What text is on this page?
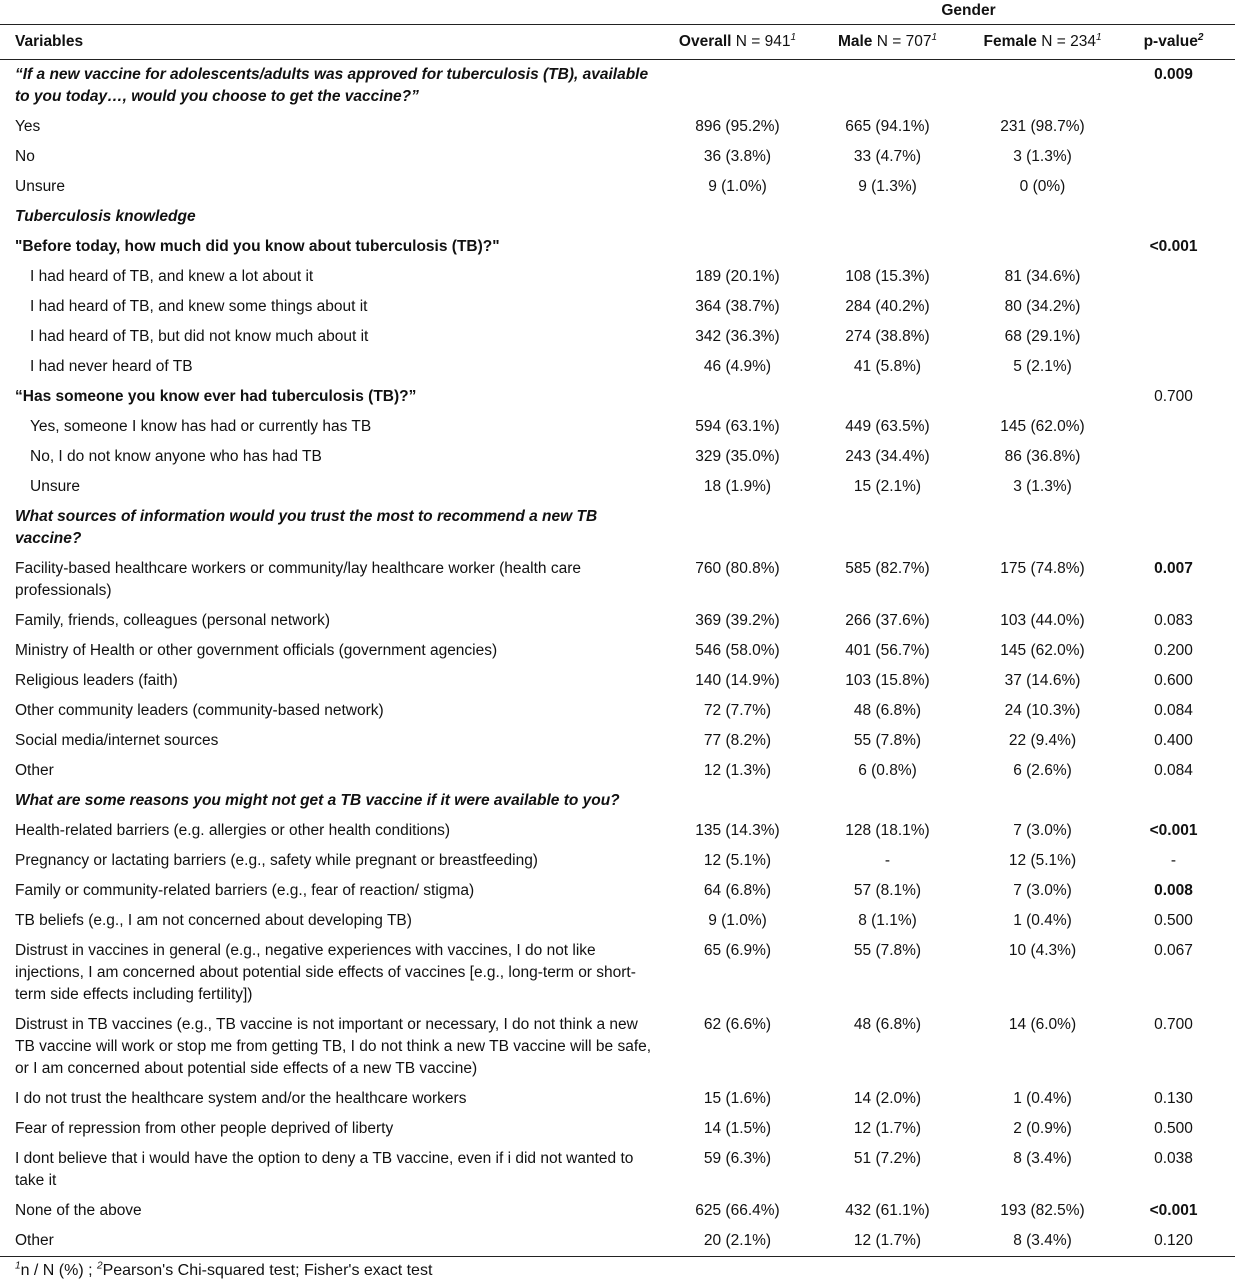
		Gender		
Variables	Overall $N = 941^1$	Male $N = 707^1$	Female $N = 234^1$	p-value$^2$
“If a new vaccine for adolescents/adults was approved for tuberculosis (TB), available to you today…, would you choose to get the vaccine?”				0.009
Yes	896 (95.2%)	665 (94.1%)	231 (98.7%)	
No	36 (3.8%)	33 (4.7%)	3 (1.3%)	
Unsure	9 (1.0%)	9 (1.3%)	0 (0%)	
Tuberculosis knowledge				
"Before today, how much did you know about tuberculosis (TB)?"				<0.001
I had heard of TB, and knew a lot about it	189 (20.1%)	108 (15.3%)	81 (34.6%)	
I had heard of TB, and knew some things about it	364 (38.7%)	284 (40.2%)	80 (34.2%)	
I had heard of TB, but did not know much about it	342 (36.3%)	274 (38.8%)	68 (29.1%)	
I had never heard of TB	46 (4.9%)	41 (5.8%)	5 (2.1%)	
“Has someone you know ever had tuberculosis (TB)?”				0.700
Yes, someone I know has had or currently has TB	594 (63.1%)	449 (63.5%)	145 (62.0%)	
No, I do not know anyone who has had TB	329 (35.0%)	243 (34.4%)	86 (36.8%)	
Unsure	18 (1.9%)	15 (2.1%)	3 (1.3%)	
What sources of information would you trust the most to recommend a new TB vaccine?				
Facility-based healthcare workers or community/lay healthcare worker (health care professionals)	760 (80.8%)	585 (82.7%)	175 (74.8%)	0.007
Family, friends, colleagues (personal network)	369 (39.2%)	266 (37.6%)	103 (44.0%)	0.083
Ministry of Health or other government officials (government agencies)	546 (58.0%)	401 (56.7%)	145 (62.0%)	0.200
Religious leaders (faith)	140 (14.9%)	103 (15.8%)	37 (14.6%)	0.600
Other community leaders (community-based network)	72 (7.7%)	48 (6.8%)	24 (10.3%)	0.084
Social media/internet sources	77 (8.2%)	55 (7.8%)	22 (9.4%)	0.400
Other	12 (1.3%)	6 (0.8%)	6 (2.6%)	0.084
What are some reasons you might not get a TB vaccine if it were available to you?				
Health-related barriers (e.g. allergies or other health conditions)	135 (14.3%)	128 (18.1%)	7 (3.0%)	<0.001
Pregnancy or lactating barriers (e.g., safety while pregnant or breastfeeding)	12 (5.1%)	-	12 (5.1%)	-
Family or community-related barriers (e.g., fear of reaction/ stigma)	64 (6.8%)	57 (8.1%)	7 (3.0%)	0.008
TB beliefs (e.g., I am not concerned about developing TB)	9 (1.0%)	8 (1.1%)	1 (0.4%)	0.500
Distrust in vaccines in general (e.g., negative experiences with vaccines, I do not like injections, I am concerned about potential side effects of vaccines [e.g., long-term or short-term side effects including fertility])	65 (6.9%)	55 (7.8%)	10 (4.3%)	0.067
Distrust in TB vaccines (e.g., TB vaccine is not important or necessary, I do not think a new TB vaccine will work or stop me from getting TB, I do not think a new TB vaccine will be safe, or I am concerned about potential side effects of a new TB vaccine)	62 (6.6%)	48 (6.8%)	14 (6.0%)	0.700
I do not trust the healthcare system and/or the healthcare workers	15 (1.6%)	14 (2.0%)	1 (0.4%)	0.130
Fear of repression from other people deprived of liberty	14 (1.5%)	12 (1.7%)	2 (0.9%)	0.500
I dont believe that i would have the option to deny a TB vaccine, even if i did not wanted to take it	59 (6.3%)	51 (7.2%)	8 (3.4%)	0.038
None of the above	625 (66.4%)	432 (61.1%)	193 (82.5%)	<0.001
Other	20 (2.1%)	12 (1.7%)	8 (3.4%)	0.120
$^1$n / N (%) ; $^2$Pearson's Chi-squared test; Fisher's exact test
